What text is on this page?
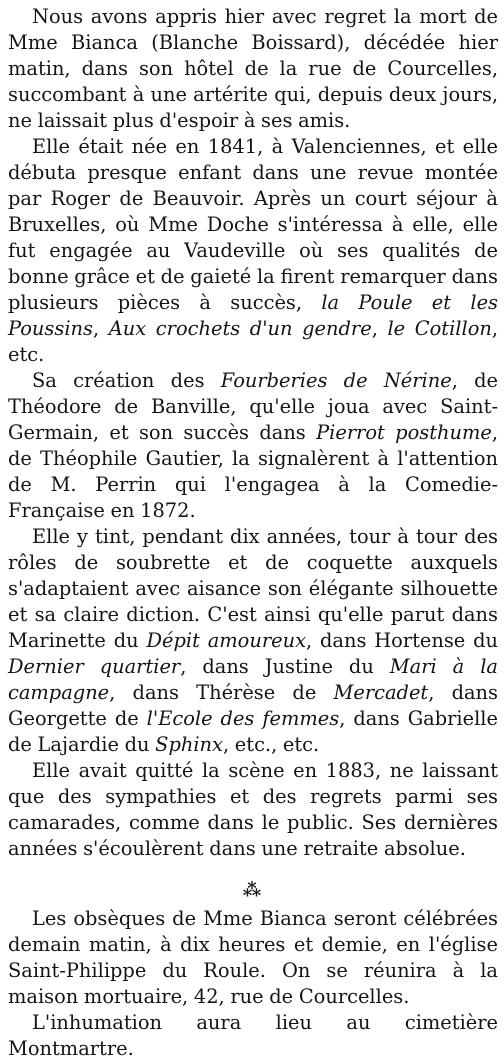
Nous avons appris hier avec regret la mort de Mme Bianca (Blanche Boissard), décédée hier matin, dans son hôtel de la rue de Courcelles, succombant à une artérite qui, depuis deux jours, ne laissait plus d'espoir à ses amis.

Elle était née en 1841, à Valenciennes, et elle débuta presque enfant dans une revue montée par Roger de Beauvoir. Après un court séjour à Bruxelles, où Mme Doche s'intéressa à elle, elle fut engagée au Vaudeville où ses qualités de bonne grâce et de gaieté la firent remarquer dans plusieurs pièces à succès, la Poule et les Poussins, Aux crochets d'un gendre, le Cotillon, etc.

Sa création des Fourberies de Nérine, de Théodore de Banville, qu'elle joua avec Saint-Germain, et son succès dans Pierrot posthume, de Théophile Gautier, la signalèrent à l'attention de M. Perrin qui l'engagea à la Comedie-Française en 1872.

Elle y tint, pendant dix années, tour à tour des rôles de soubrette et de coquette auxquels s'adaptaient avec aisance son élégante silhouette et sa claire diction. C'est ainsi qu'elle parut dans Marinette du Dépit amoureux, dans Hortense du Dernier quartier, dans Justine du Mari à la campagne, dans Thérèse de Mercadet, dans Georgette de l'Ecole des femmes, dans Gabrielle de Lajardie du Sphinx, etc., etc.

Elle avait quitté la scène en 1883, ne laissant que des sympathies et des regrets parmi ses camarades, comme dans le public. Ses dernières années s'écoulèrent dans une retraite absolue.

⁂

Les obsèques de Mme Bianca seront célébrées demain matin, à dix heures et demie, en l'église Saint-Philippe du Roule. On se réunira à la maison mortuaire, 42, rue de Courcelles.

L'inhumation aura lieu au cimetière Montmartre.
